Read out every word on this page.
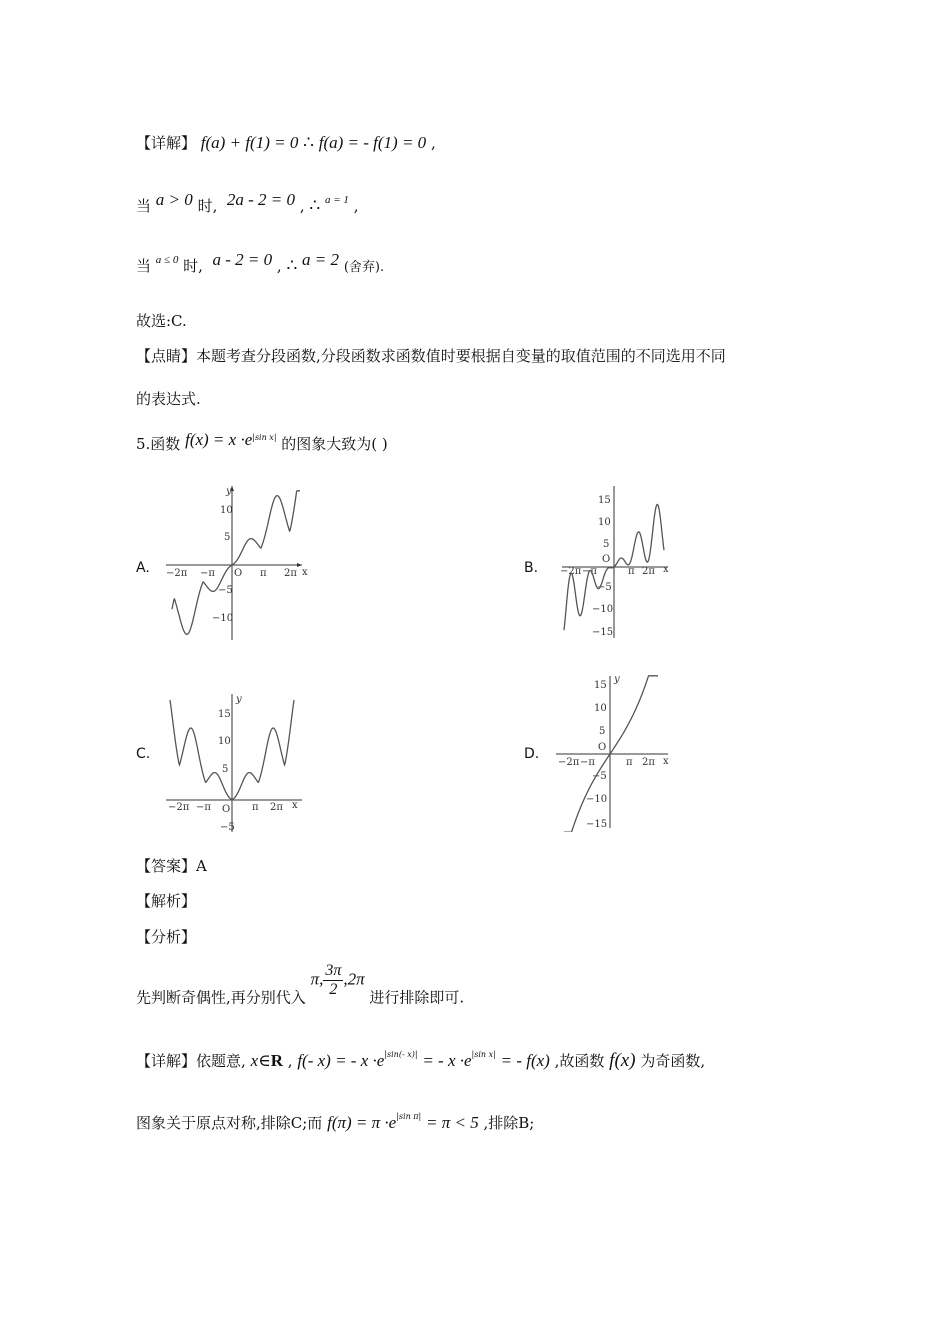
【详解】 f(a) + f(1) = 0 ∴ f(a) = - f(1) = 0 ,
当 a > 0 时, 2a - 2 = 0 , ∴ $^{a = 1}$ ,
当 $^{a \le 0}$ 时, a - 2 = 0 , ∴ a = 2 (舍弃).
故选:C.
【点睛】本题考查分段函数,分段函数求函数值时要根据自变量的取值范围的不同选用不同
的表达式.
5.函数 $f(x) = x \cdot e^{|sin x|}$ 的图象大致为( )
A.	B.
C.	D.
y
x
O
−2π −π	π 2π
10
5
−5
−10
x
O
−2π −π	π 2π
15
10
5
−5
−10
−15
y
x
O
−2π −π	π 2π
15
10
5
−5
y
x
O
−2π −π	π 2π
15
10
5
−5
−10
−15
【答案】A
【解析】
【分析】
先判断奇偶性,再分别代入 π, $\frac{3\pi}{2} ,2\pi$ 进行排除即可.
【详解】依题意, x∈R , f(- x) = - $x \cdot e^{|sin(- x)|}$ = - $x \cdot e^{|sin x|}$ = - f(x) ,故函数 f(x) 为奇函数,
图象关于原点对称,排除C;而 $f(\pi) = \pi \cdot e^{|sin \pi|} = \pi < 5$ ,排除B;
